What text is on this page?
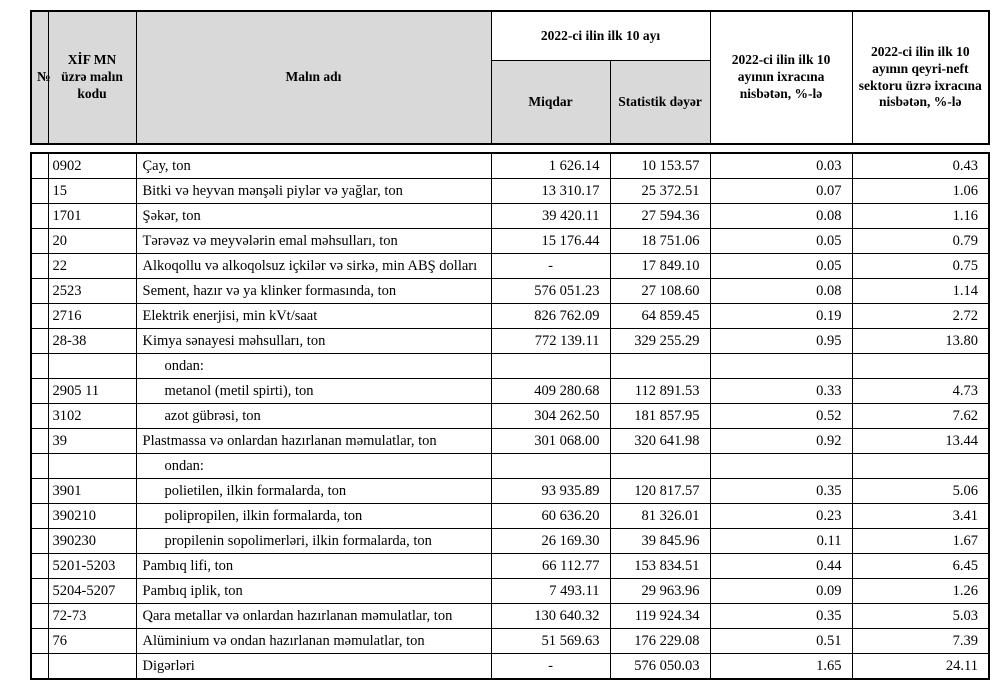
№	XİF MN üzrə malın kodu	Malın adı	2022-ci ilin ilk 10 ayı		2022-ci ilin ilk 10 ayının ixracına nisbətən, %-lə	2022-ci ilin ilk 10 ayının qeyri-neft sektoru üzrə ixracına nisbətən, %-lə
			Miqdar	Statistik dəyər		
	0902	Çay, ton	1 626.14	10 153.57	0.03	0.43
	15	Bitki və heyvan mənşəli piylər və yağlar, ton	13 310.17	25 372.51	0.07	1.06
	1701	Şəkər, ton	39 420.11	27 594.36	0.08	1.16
	20	Tərəvəz və meyvələrin emal məhsulları, ton	15 176.44	18 751.06	0.05	0.79
	22	Alkoqollu və alkoqolsuz içkilər və sirkə, min ABŞ dolları	-	17 849.10	0.05	0.75
	2523	Sement, hazır və ya klinker formasında, ton	576 051.23	27 108.60	0.08	1.14
	2716	Elektrik enerjisi, min kVt/saat	826 762.09	64 859.45	0.19	2.72
	28-38	Kimya sənayesi məhsulları, ton	772 139.11	329 255.29	0.95	13.80
		ondan:				
	2905 11	metanol (metil spirti), ton	409 280.68	112 891.53	0.33	4.73
	3102	azot gübrəsi, ton	304 262.50	181 857.95	0.52	7.62
	39	Plastmassa və onlardan hazırlanan məmulatlar, ton	301 068.00	320 641.98	0.92	13.44
		ondan:				
	3901	polietilen, ilkin formalarda, ton	93 935.89	120 817.57	0.35	5.06
	390210	polipropilen, ilkin formalarda, ton	60 636.20	81 326.01	0.23	3.41
	390230	propilenin sopolimerləri, ilkin formalarda, ton	26 169.30	39 845.96	0.11	1.67
	5201-5203	Pambıq lifi, ton	66 112.77	153 834.51	0.44	6.45
	5204-5207	Pambıq iplik, ton	7 493.11	29 963.96	0.09	1.26
	72-73	Qara metallar və onlardan hazırlanan məmulatlar, ton	130 640.32	119 924.34	0.35	5.03
	76	Alüminium və ondan hazırlanan məmulatlar, ton	51 569.63	176 229.08	0.51	7.39
		Digərləri	-	576 050.03	1.65	24.11
